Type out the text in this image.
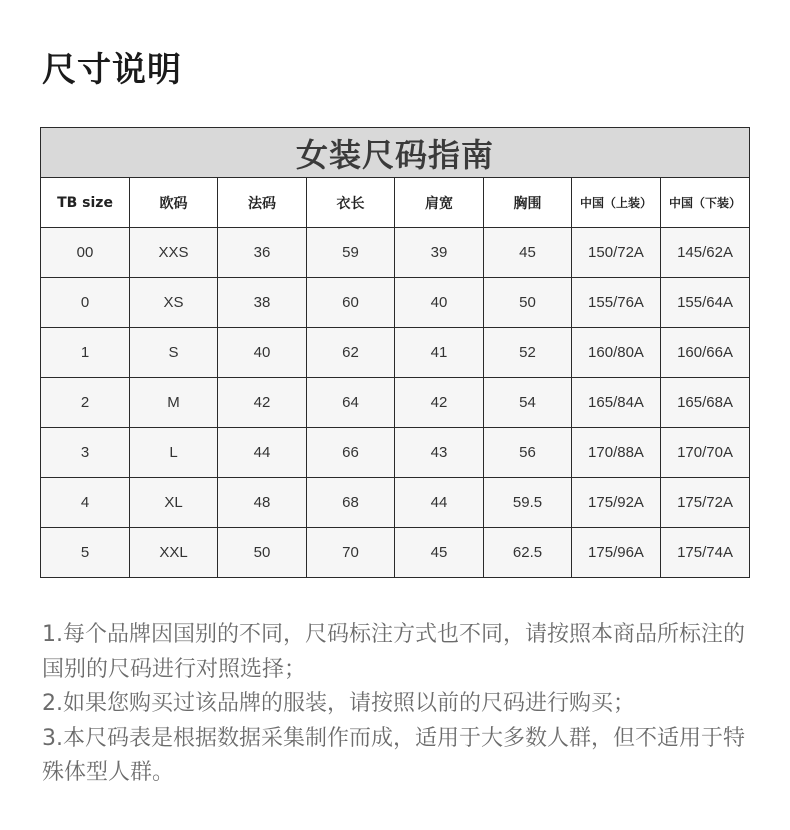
尺寸说明
女装尺码指南							
TB size	欧码	法码	衣长	肩宽	胸围	中国（上装）	中国（下装）
00	XXS	36	59	39	45	150/72A	145/62A
0	XS	38	60	40	50	155/76A	155/64A
1	S	40	62	41	52	160/80A	160/66A
2	M	42	64	42	54	165/84A	165/68A
3	L	44	66	43	56	170/88A	170/70A
4	XL	48	68	44	59.5	175/92A	175/72A
5	XXL	50	70	45	62.5	175/96A	175/74A
1.每个品牌因国别的不同，尺码标注方式也不同，请按照本商品所标注的国别的尺码进行对照选择；
2.如果您购买过该品牌的服装，请按照以前的尺码进行购买；
3.本尺码表是根据数据采集制作而成，适用于大多数人群，但不适用于特殊体型人群。
